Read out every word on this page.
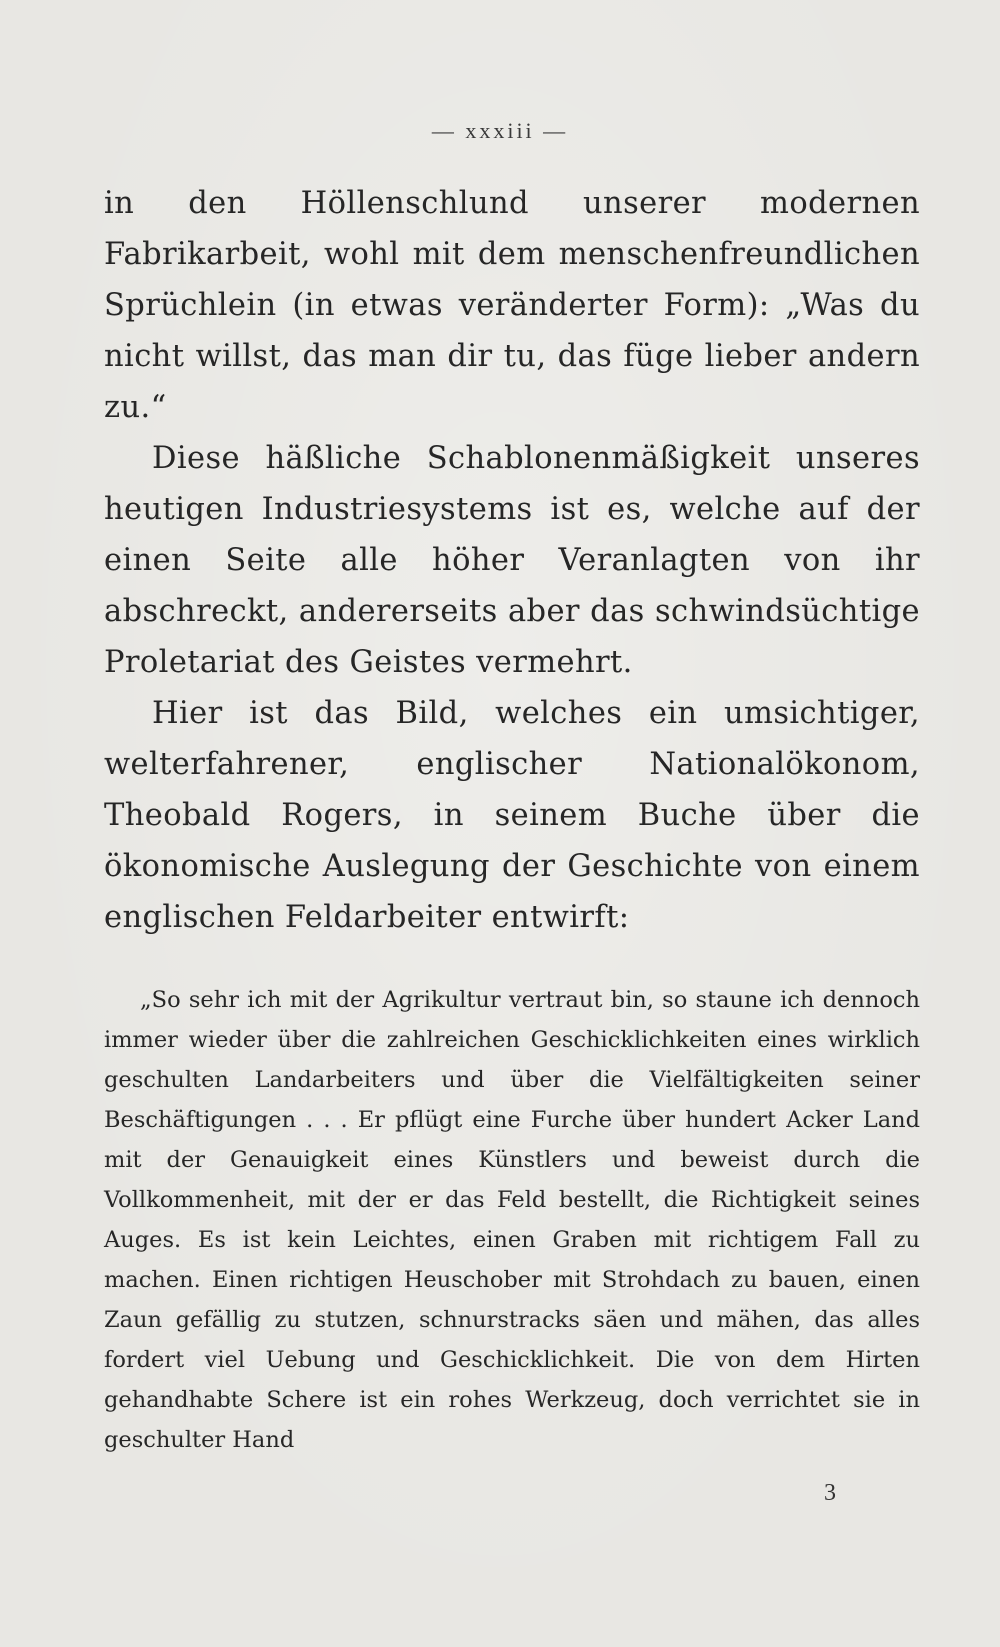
— xxxiii —

in den Höllenschlund unserer modernen Fabrikarbeit, wohl mit dem menschenfreundlichen Sprüchlein (in etwas veränderter Form): „Was du nicht willst, das man dir tu, das füge lieber andern zu.“

Diese häßliche Schablonenmäßigkeit unseres heutigen Industriesystems ist es, welche auf der einen Seite alle höher Veranlagten von ihr abschreckt, andererseits aber das schwindsüchtige Proletariat des Geistes vermehrt.

Hier ist das Bild, welches ein umsichtiger, welterfahrener, englischer Nationalökonom, Theobald Rogers, in seinem Buche über die ökonomische Auslegung der Geschichte von einem englischen Feldarbeiter entwirft:

„So sehr ich mit der Agrikultur vertraut bin, so staune ich dennoch immer wieder über die zahlreichen Geschicklichkeiten eines wirklich geschulten Landarbeiters und über die Vielfältigkeiten seiner Beschäftigungen . . . Er pflügt eine Furche über hundert Acker Land mit der Genauigkeit eines Künstlers und beweist durch die Vollkommenheit, mit der er das Feld bestellt, die Richtigkeit seines Auges. Es ist kein Leichtes, einen Graben mit richtigem Fall zu machen. Einen richtigen Heuschober mit Strohdach zu bauen, einen Zaun gefällig zu stutzen, schnurstracks säen und mähen, das alles fordert viel Uebung und Geschicklichkeit. Die von dem Hirten gehandhabte Schere ist ein rohes Werkzeug, doch verrichtet sie in geschulter Hand

3
